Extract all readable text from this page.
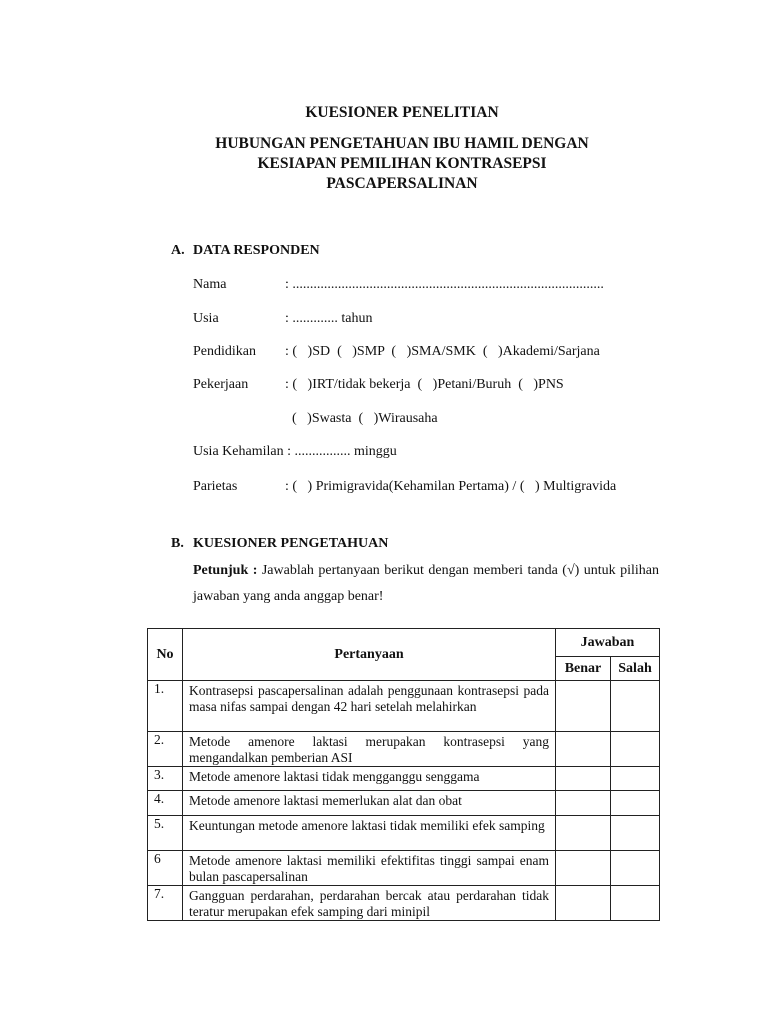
KUESIONER PENELITIAN
HUBUNGAN PENGETAHUAN IBU HAMIL DENGAN
KESIAPAN PEMILIHAN KONTRASEPSI
PASCAPERSALINAN
A. DATA RESPONDEN
Nama	: .........................................................................................
Usia	: ............. tahun
Pendidikan : (   )SD  (   )SMP  (   )SMA/SMK  (   )Akademi/Sarjana
Pekerjaan	: (   )IRT/tidak bekerja  (   )Petani/Buruh  (   )PNS
(   )Swasta  (   )Wirausaha
Usia Kehamilan : ................ minggu
Parietas	: (   ) Primigravida(Kehamilan Pertama) / (   ) Multigravida
B. KUESIONER PENGETAHUAN
Petunjuk : Jawablah pertanyaan berikut dengan memberi tanda (√) untuk pilihan jawaban yang anda anggap benar!
No	Pertanyaan	Jawaban	
		Benar	Salah
1.	Kontrasepsi pascapersalinan adalah penggunaan kontrasepsi pada masa nifas sampai dengan 42 hari setelah melahirkan		
2.	Metode amenore laktasi merupakan kontrasepsi yang mengandalkan pemberian ASI		
3.	Metode amenore laktasi tidak mengganggu senggama		
4.	Metode amenore laktasi memerlukan alat dan obat		
5.	Keuntungan metode amenore laktasi tidak memiliki efek samping		
6	Metode amenore laktasi memiliki efektifitas tinggi sampai enam bulan pascapersalinan		
7.	Gangguan perdarahan, perdarahan bercak atau perdarahan tidak teratur merupakan efek samping dari minipil		
